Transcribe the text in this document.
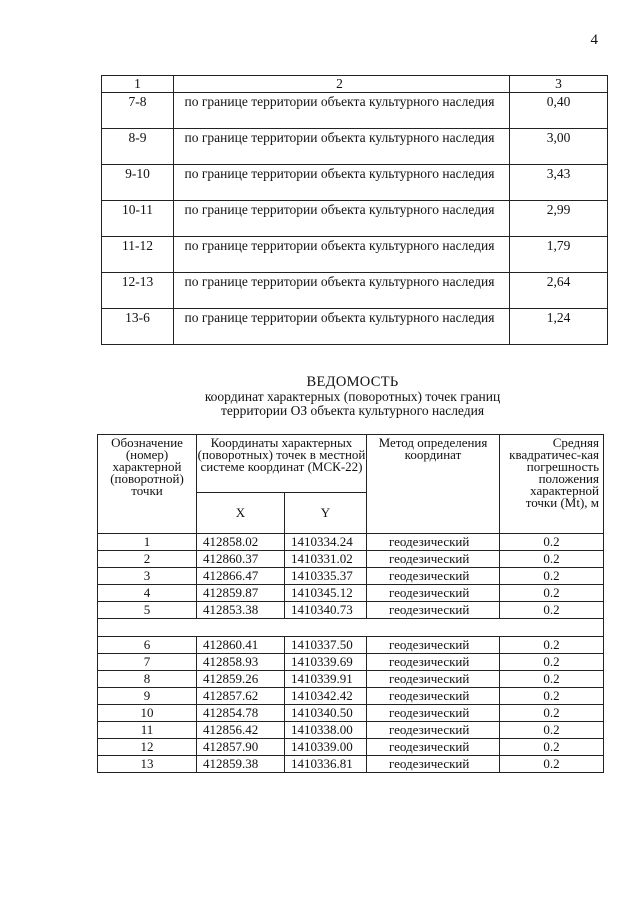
4
1	2	3
7-8	по границе территории объекта культурного наследия	0,40
8-9	по границе территории объекта культурного наследия	3,00
9-10	по границе территории объекта культурного наследия	3,43
10-11	по границе территории объекта культурного наследия	2,99
11-12	по границе территории объекта культурного наследия	1,79
12-13	по границе территории объекта культурного наследия	2,64
13-6	по границе территории объекта культурного наследия	1,24
ВЕДОМОСТЬ
координат характерных (поворотных) точек границ
территории ОЗ объекта культурного наследия
Обозначение (номер) характерной (поворотной) точки	Координаты характерных (поворотных) точек в местной системе координат (МСК-22)		Метод определения координат	Средняя квадратичес-кая погрешность положения характерной точки (Mt), м
	X	Y		
1	412858.02	1410334.24	геодезический	0.2
2	412860.37	1410331.02	геодезический	0.2
3	412866.47	1410335.37	геодезический	0.2
4	412859.87	1410345.12	геодезический	0.2
5	412853.38	1410340.73	геодезический	0.2

6	412860.41	1410337.50	геодезический	0.2
7	412858.93	1410339.69	геодезический	0.2
8	412859.26	1410339.91	геодезический	0.2
9	412857.62	1410342.42	геодезический	0.2
10	412854.78	1410340.50	геодезический	0.2
11	412856.42	1410338.00	геодезический	0.2
12	412857.90	1410339.00	геодезический	0.2
13	412859.38	1410336.81	геодезический	0.2
